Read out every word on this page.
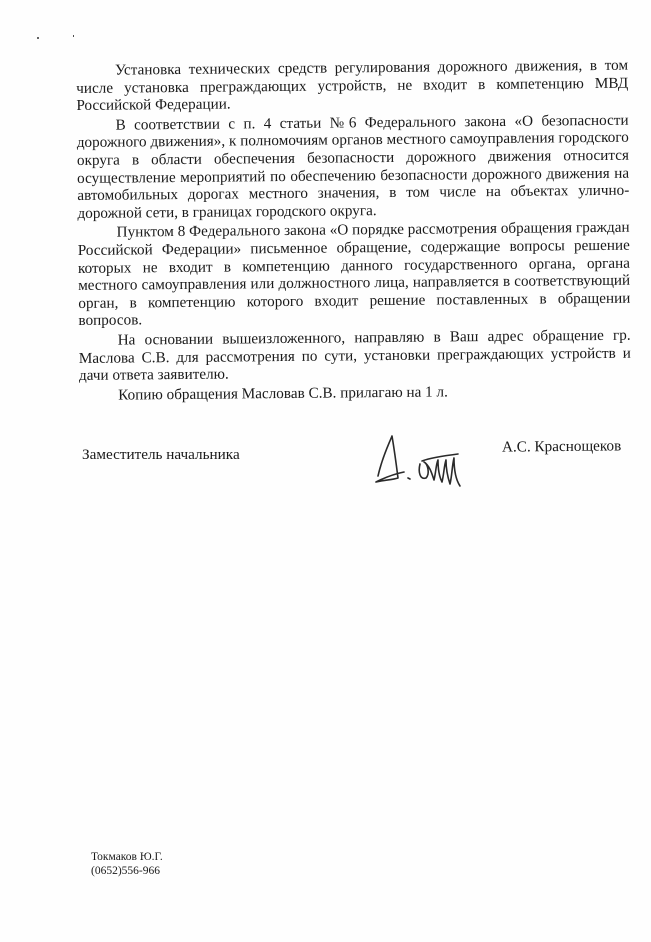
Установка технических средств регулирования дорожного движения, в том числе установка преграждающих устройств, не входит в компетенцию МВД Российской Федерации.

В соответствии с п. 4 статьи №6 Федерального закона «О безопасности дорожного движения», к полномочиям органов местного самоуправления городского округа в области обеспечения безопасности дорожного движения относится осуществление мероприятий по обеспечению безопасности дорожного движения на автомобильных дорогах местного значения, в том числе на объектах улично-дорожной сети, в границах городского округа.

Пунктом 8 Федерального закона «О порядке рассмотрения обращения граждан Российской Федерации» письменное обращение, содержащие вопросы решение которых не входит в компетенцию данного государственного органа, органа местного самоуправления или должностного лица, направляется в соответствующий орган, в компетенцию которого входит решение поставленных в обращении вопросов.

На основании вышеизложенного, направляю в Ваш адрес обращение гр. Маслова С.В. для рассмотрения по сути, установки преграждающих устройств и дачи ответа заявителю.

Копию обращения Масловав С.В. прилагаю на 1 л.

Заместитель начальника	А.С. Краснощеков
Токмаков Ю.Г.
(0652)556-966
